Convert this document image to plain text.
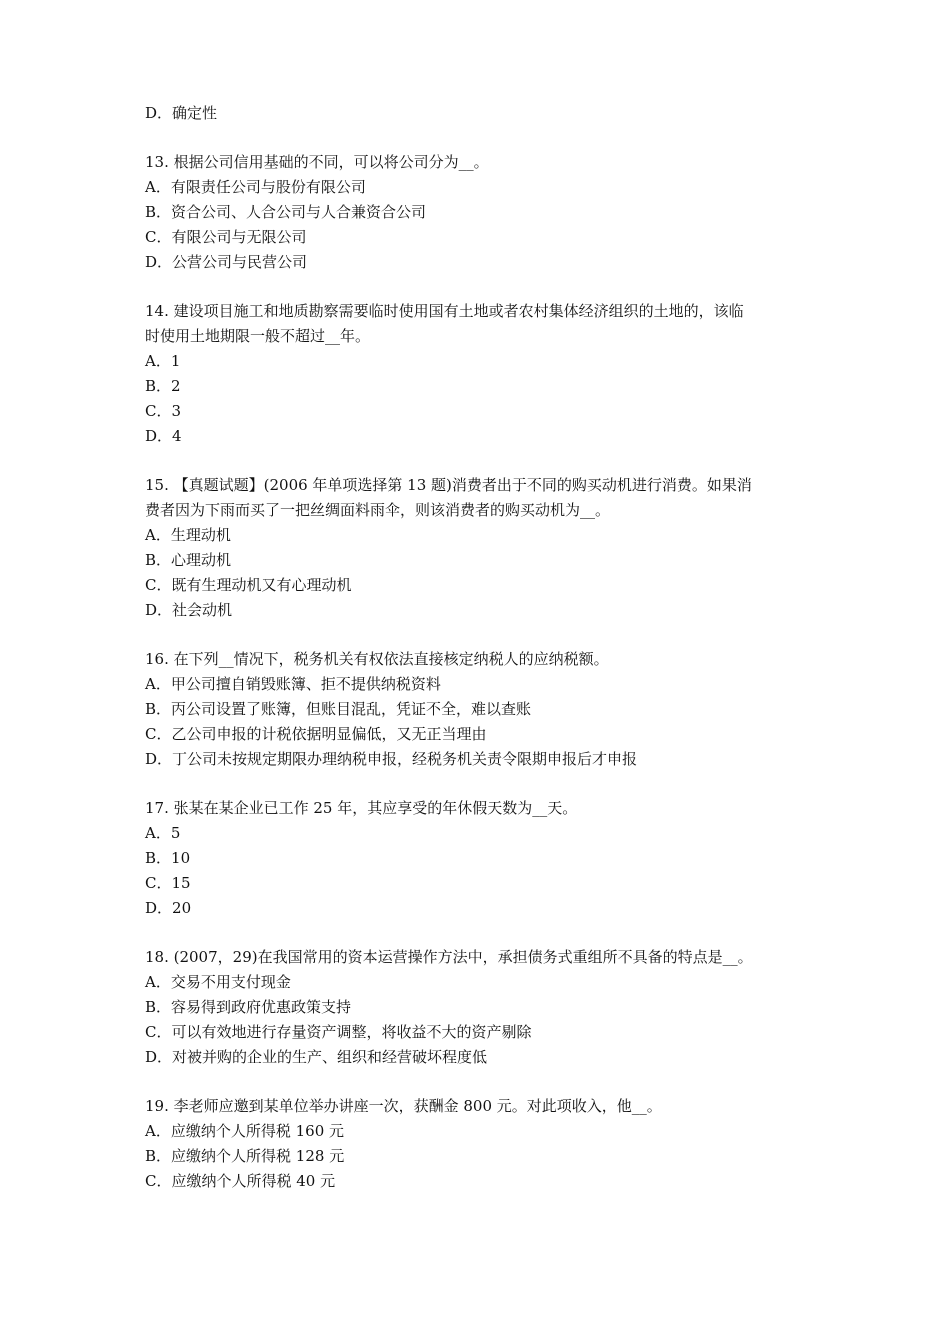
D．确定性
13. 根据公司信用基础的不同，可以将公司分为__。
A．有限责任公司与股份有限公司
B．资合公司、人合公司与人合兼资合公司
C．有限公司与无限公司
D．公营公司与民营公司
14. 建设项目施工和地质勘察需要临时使用国有土地或者农村集体经济组织的土地的，该临
时使用土地期限一般不超过__年。
A．1
B．2
C．3
D．4
15. 【真题试题】(2006 年单项选择第 13 题)消费者出于不同的购买动机进行消费。如果消
费者因为下雨而买了一把丝绸面料雨伞，则该消费者的购买动机为__。
A．生理动机
B．心理动机
C．既有生理动机又有心理动机
D．社会动机
16. 在下列__情况下，税务机关有权依法直接核定纳税人的应纳税额。
A．甲公司擅自销毁账簿、拒不提供纳税资料
B．丙公司设置了账簿，但账目混乱，凭证不全，难以查账
C．乙公司申报的计税依据明显偏低，又无正当理由
D．丁公司未按规定期限办理纳税申报，经税务机关责令限期申报后才申报
17. 张某在某企业已工作 25 年，其应享受的年休假天数为__天。
A．5
B．10
C．15
D．20
18. (2007，29)在我国常用的资本运营操作方法中，承担债务式重组所不具备的特点是__。
A．交易不用支付现金
B．容易得到政府优惠政策支持
C．可以有效地进行存量资产调整，将收益不大的资产剔除
D．对被并购的企业的生产、组织和经营破坏程度低
19. 李老师应邀到某单位举办讲座一次，获酬金 800 元。对此项收入，他__。
A．应缴纳个人所得税 160 元
B．应缴纳个人所得税 128 元
C．应缴纳个人所得税 40 元
